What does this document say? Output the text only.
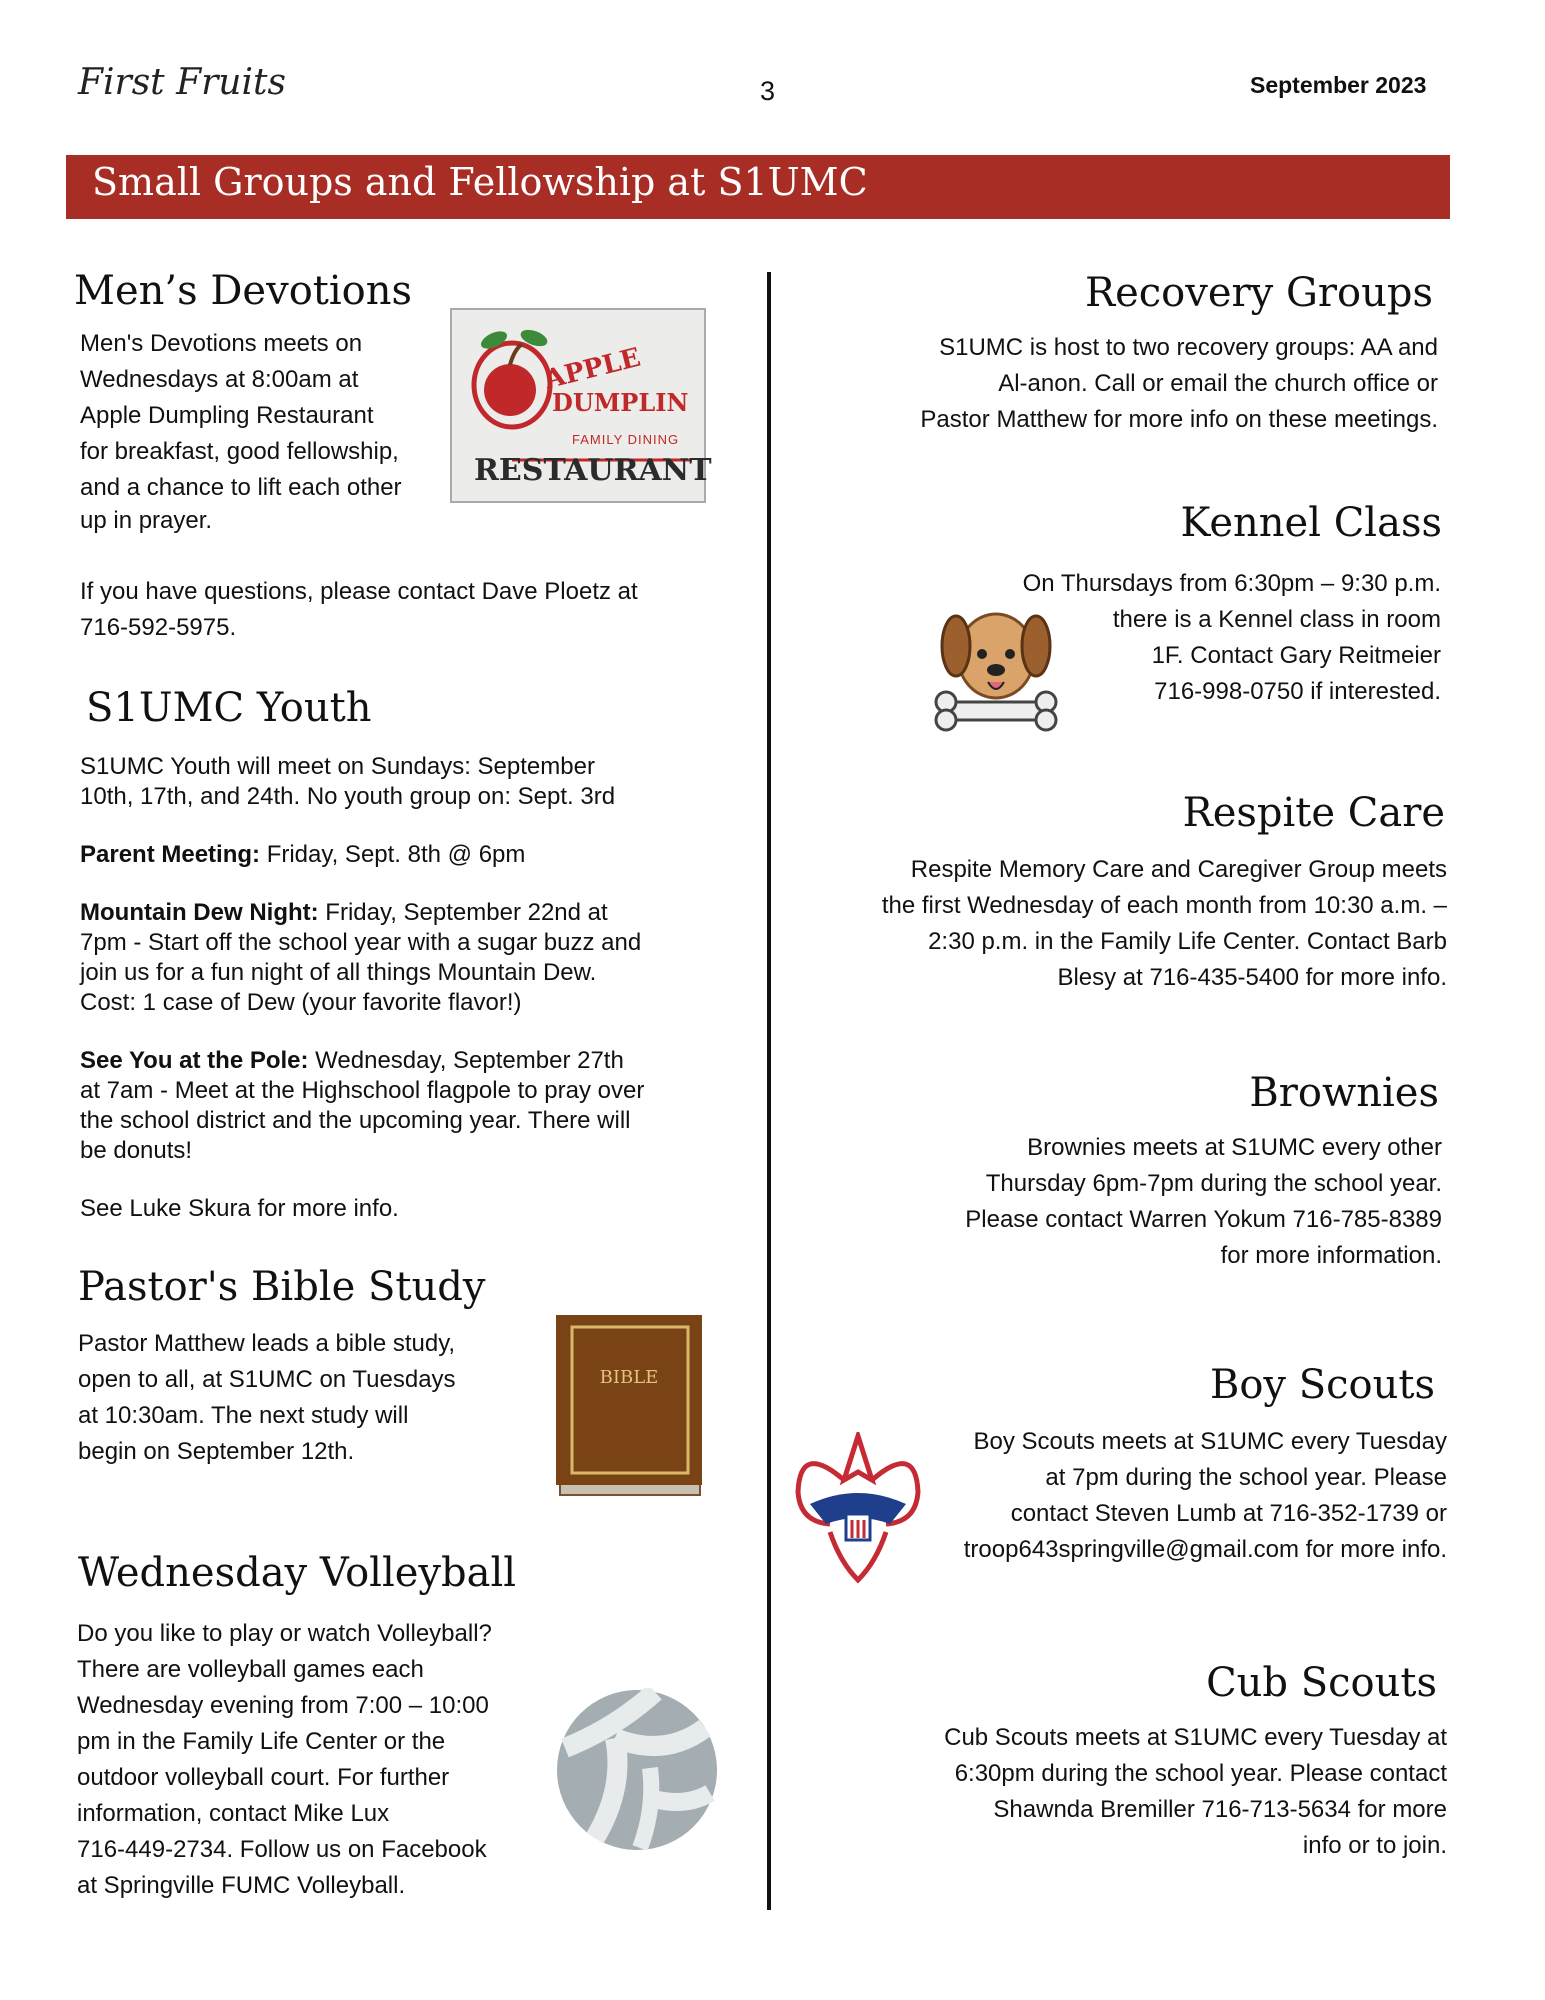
First Fruits	3	September 2023
Small Groups and Fellowship at S1UMC
Men’s Devotions

Men's Devotions meets on

Wednesdays at 8:00am at

Apple Dumpling Restaurant

for breakfast, good fellowship,

and a chance to lift each other

up in prayer.

If you have questions, please contact Dave Ploetz at

716-592-5975.

APPLE
DUMPLIN
FAMILY DINING
RESTAURANT
S1UMC Youth

S1UMC Youth will meet on Sundays: September

10th, 17th, and 24th. No youth group on: Sept. 3rd

Parent Meeting: Friday, Sept. 8th @ 6pm

Mountain Dew Night: Friday, September 22nd at

7pm - Start off the school year with a sugar buzz and

join us for a fun night of all things Mountain Dew.

Cost: 1 case of Dew (your favorite flavor!)

See You at the Pole: Wednesday, September 27th

at 7am - Meet at the Highschool flagpole to pray over

the school district and the upcoming year. There will

be donuts!

See Luke Skura for more info.

Pastor's Bible Study

Pastor Matthew leads a bible study,

open to all, at S1UMC on Tuesdays

at 10:30am. The next study will

begin on September 12th.

BIBLE
Wednesday Volleyball

Do you like to play or watch Volleyball?

There are volleyball games each

Wednesday evening from 7:00 – 10:00

pm in the Family Life Center or the

outdoor volleyball court. For further

information, contact Mike Lux

716-449-2734. Follow us on Facebook

at Springville FUMC Volleyball.

Recovery Groups

S1UMC is host to two recovery groups: AA and

Al-anon. Call or email the church office or

Pastor Matthew for more info on these meetings.

Kennel Class

On Thursdays from 6:30pm – 9:30 p.m.

there is a Kennel class in room

1F. Contact Gary Reitmeier

716-998-0750 if interested.

Respite Care

Respite Memory Care and Caregiver Group meets

the first Wednesday of each month from 10:30 a.m. –

2:30 p.m. in the Family Life Center. Contact Barb

Blesy at 716-435-5400 for more info.

Brownies

Brownies meets at S1UMC every other

Thursday 6pm-7pm during the school year.

Please contact Warren Yokum 716-785-8389

for more information.

Boy Scouts

Boy Scouts meets at S1UMC every Tuesday

at 7pm during the school year. Please

contact Steven Lumb at 716-352-1739 or

troop643springville@gmail.com for more info.

Cub Scouts

Cub Scouts meets at S1UMC every Tuesday at

6:30pm during the school year. Please contact

Shawnda Bremiller 716-713-5634 for more

info or to join.
